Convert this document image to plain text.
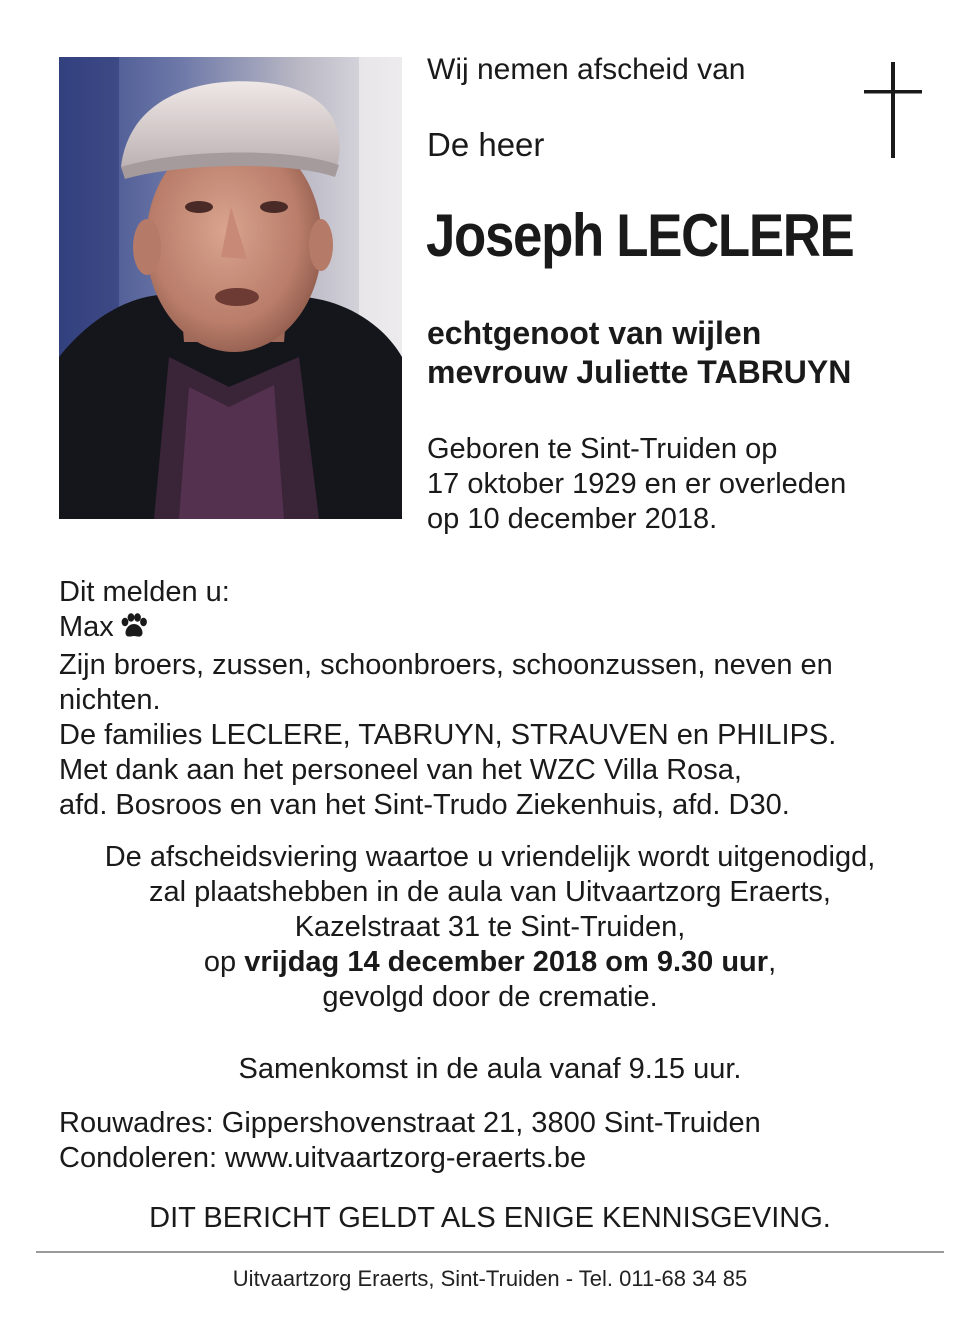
Wij nemen afscheid van
De heer
Joseph LECLERE
echtgenoot van wijlen
mevrouw Juliette TABRUYN
Geboren te Sint-Truiden op
17 oktober 1929 en er overleden
op 10 december 2018.
Dit melden u:
Max
Zijn broers, zussen, schoonbroers, schoonzussen, neven en
nichten.
De families LECLERE, TABRUYN, STRAUVEN en PHILIPS.
Met dank aan het personeel van het WZC Villa Rosa,
afd. Bosroos en van het Sint-Trudo Ziekenhuis, afd. D30.
De afscheidsviering waartoe u vriendelijk wordt uitgenodigd,
zal plaatshebben in de aula van Uitvaartzorg Eraerts,
Kazelstraat 31 te Sint-Truiden,
op vrijdag 14 december 2018 om 9.30 uur,
gevolgd door de crematie.
Samenkomst in de aula vanaf 9.15 uur.
Rouwadres: Gippershovenstraat 21, 3800 Sint-Truiden
Condoleren: www.uitvaartzorg-eraerts.be
DIT BERICHT GELDT ALS ENIGE KENNISGEVING.
Uitvaartzorg Eraerts, Sint-Truiden - Tel. 011-68 34 85
